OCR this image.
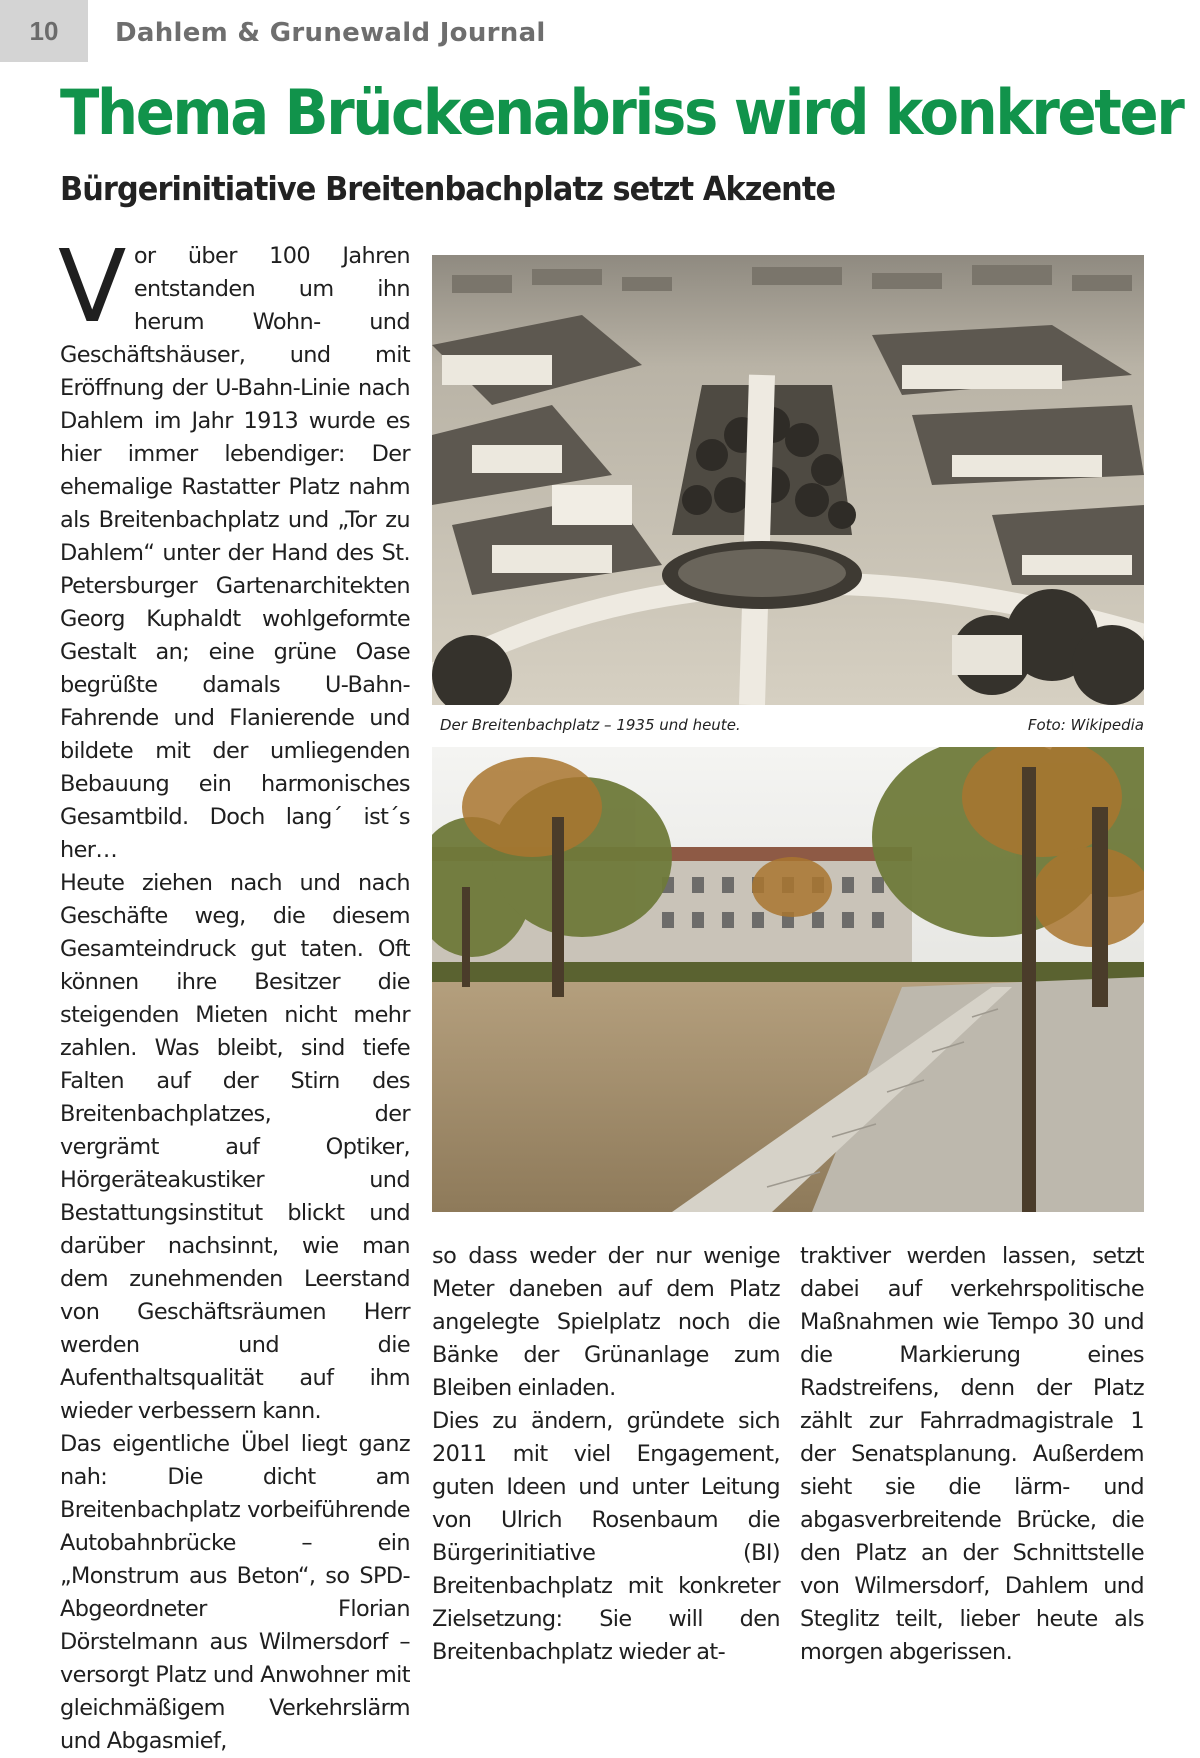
10	Dahlem & Grunewald Journal
Thema Brückenabriss wird konkreter
Bürgerinitiative Breitenbachplatz setzt Akzente

Vor über 100 Jahren entstanden um ihn herum Wohn- und Geschäftshäuser, und mit Eröffnung der U-Bahn-Linie nach Dahlem im Jahr 1913 wurde es hier immer lebendiger: Der ehemalige Rastatter Platz nahm als Breitenbachplatz und „Tor zu Dahlem“ unter der Hand des St. Petersburger Gartenarchitekten Georg Kuphaldt wohlgeformte Gestalt an; eine grüne Oase begrüßte damals U-Bahn-Fahrende und Flanierende und bildete mit der umliegenden Bebauung ein harmonisches Gesamtbild. Doch lang´ ist´s her…

Heute ziehen nach und nach Geschäfte weg, die diesem Gesamteindruck gut taten. Oft können ihre Besitzer die steigenden Mieten nicht mehr zahlen. Was bleibt, sind tiefe Falten auf der Stirn des Breitenbachplatzes, der vergrämt auf Optiker, Hörgeräteakustiker und Bestattungsinstitut blickt und darüber nachsinnt, wie man dem zunehmenden Leerstand von Geschäftsräumen Herr werden und die Aufenthaltsqualität auf ihm wieder verbessern kann.

Das eigentliche Übel liegt ganz nah: Die dicht am Breitenbachplatz vorbeiführende Autobahnbrücke – ein „Monstrum aus Beton“, so SPD-Abgeordneter Florian Dörstelmann aus Wilmersdorf – versorgt Platz und Anwohner mit gleichmäßigem Verkehrslärm und Abgasmief,

Der Breitenbachplatz – 1935 und heute.	Foto: Wikipedia

so dass weder der nur wenige Meter daneben auf dem Platz angelegte Spielplatz noch die Bänke der Grünanlage zum Bleiben einladen.

Dies zu ändern, gründete sich 2011 mit viel Engagement, guten Ideen und unter Leitung von Ulrich Rosenbaum die Bürgerinitiative (BI) Breitenbachplatz mit konkreter Zielsetzung: Sie will den Breitenbachplatz wieder at-

traktiver werden lassen, setzt dabei auf verkehrspolitische Maßnahmen wie Tempo 30 und die Markierung eines Radstreifens, denn der Platz zählt zur Fahrradmagistrale 1 der Senatsplanung. Außerdem sieht sie die lärm- und abgasverbreitende Brücke, die den Platz an der Schnittstelle von Wilmersdorf, Dahlem und Steglitz teilt, lieber heute als morgen abgerissen.
